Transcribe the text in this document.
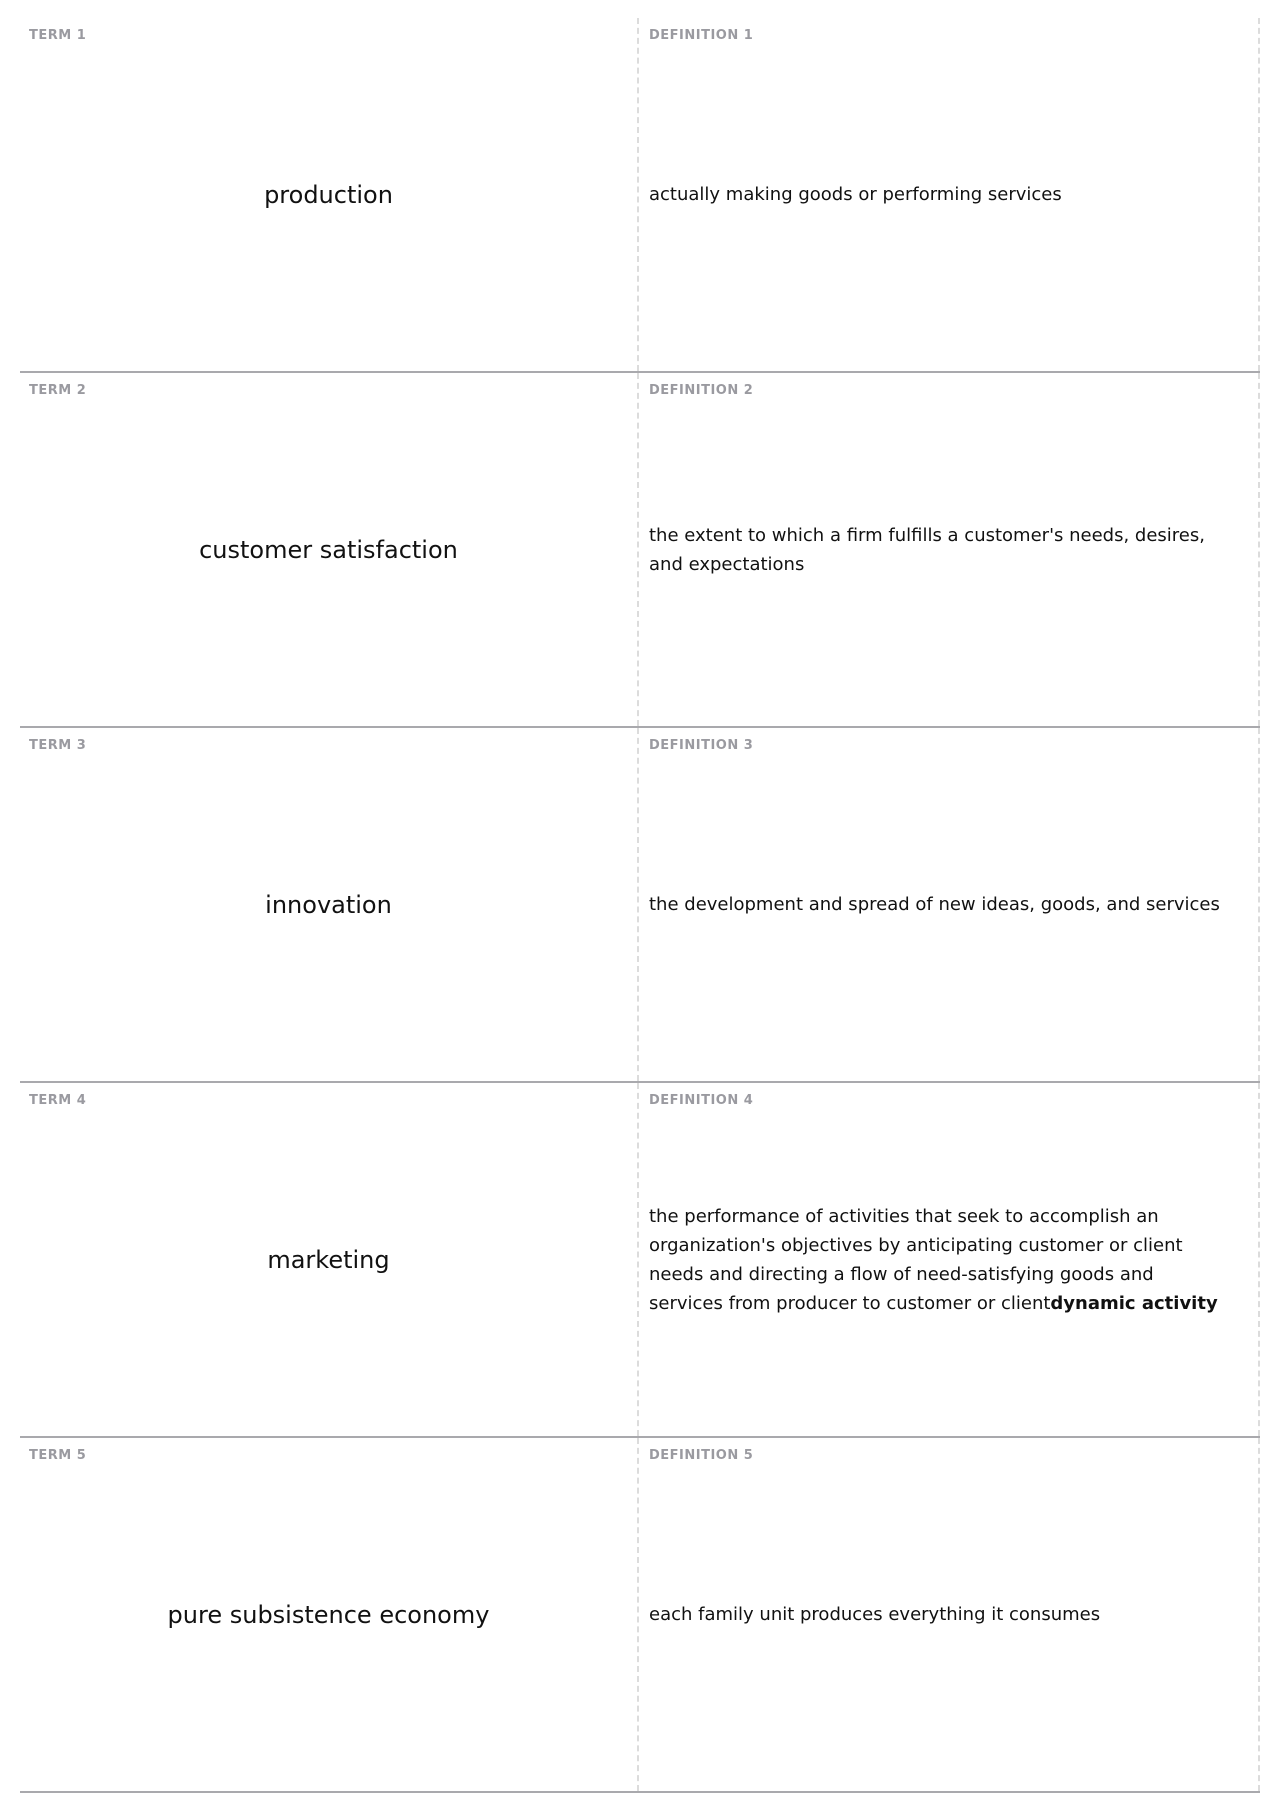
TERM 1
production
DEFINITION 1
actually making goods or performing services
TERM 2
customer satisfaction
DEFINITION 2
the extent to which a firm fulfills a customer's needs, desires, and expectations
TERM 3
innovation
DEFINITION 3
the development and spread of new ideas, goods, and services
TERM 4
marketing
DEFINITION 4
the performance of activities that seek to accomplish an organization's objectives by anticipating customer or client needs and directing a flow of need-satisfying goods and services from producer to customer or clientdynamic activity
TERM 5
pure subsistence economy
DEFINITION 5
each family unit produces everything it consumes
